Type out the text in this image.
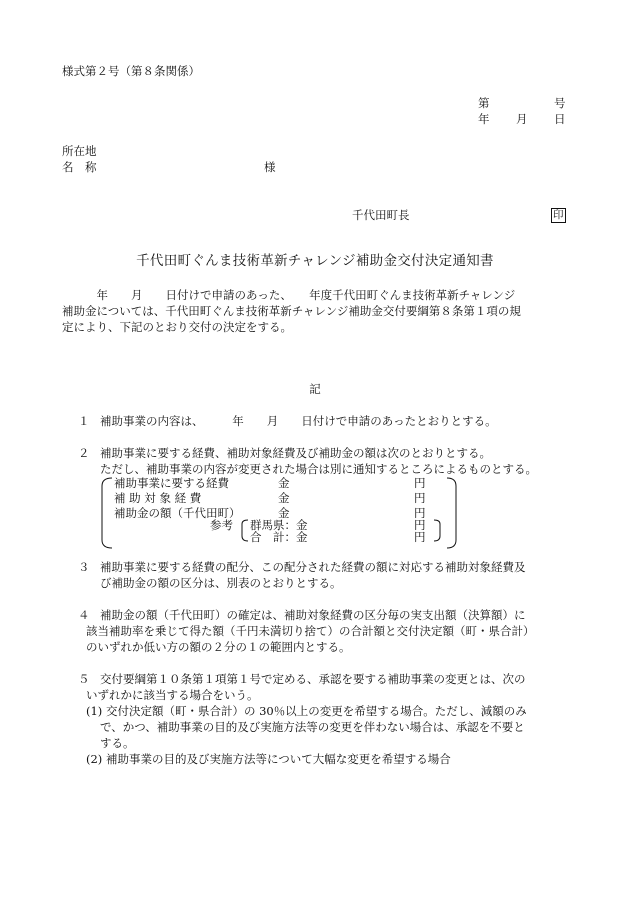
様式第２号（第８条関係）
第	号
年 月 日
所在地
名　称	様
千代田町長	印
千代田町ぐんま技術革新チャレンジ補助金交付決定通知書
　　　年　　月　　日付けで申請のあった、　　年度千代田町ぐんま技術革新チャレンジ
補助金については、千代田町ぐんま技術革新チャレンジ補助金交付要綱第８条第１項の規
定により、下記のとおり交付の決定をする。
記
１ 補助事業の内容は、　　　年　　月　　日付けで申請のあったとおりとする。
２ 補助事業に要する経費、補助対象経費及び補助金の額は次のとおりとする。
ただし、補助事業の内容が変更された場合は別に通知するところによるものとする。
補助事業に要する経費	金	円
補 助 対 象 経 費	金	円
補助金の額（千代田町）	金	円
参考 群馬県：金	円
合　計：金	円
３ 補助事業に要する経費の配分、この配分された経費の額に対応する補助対象経費及
び補助金の額の区分は、別表のとおりとする。
４ 補助金の額（千代田町）の確定は、補助対象経費の区分毎の実支出額（決算額）に
該当補助率を乗じて得た額（千円未満切り捨て）の合計額と交付決定額（町・県合計）
のいずれか低い方の額の２分の１の範囲内とする。
５ 交付要綱第１０条第１項第１号で定める、承認を要する補助事業の変更とは、次の
いずれかに該当する場合をいう。
(1) 交付決定額（町・県合計）の 30％以上の変更を希望する場合。ただし、減額のみ
で、かつ、補助事業の目的及び実施方法等の変更を伴わない場合は、承認を不要と
する。
(2) 補助事業の目的及び実施方法等について大幅な変更を希望する場合
